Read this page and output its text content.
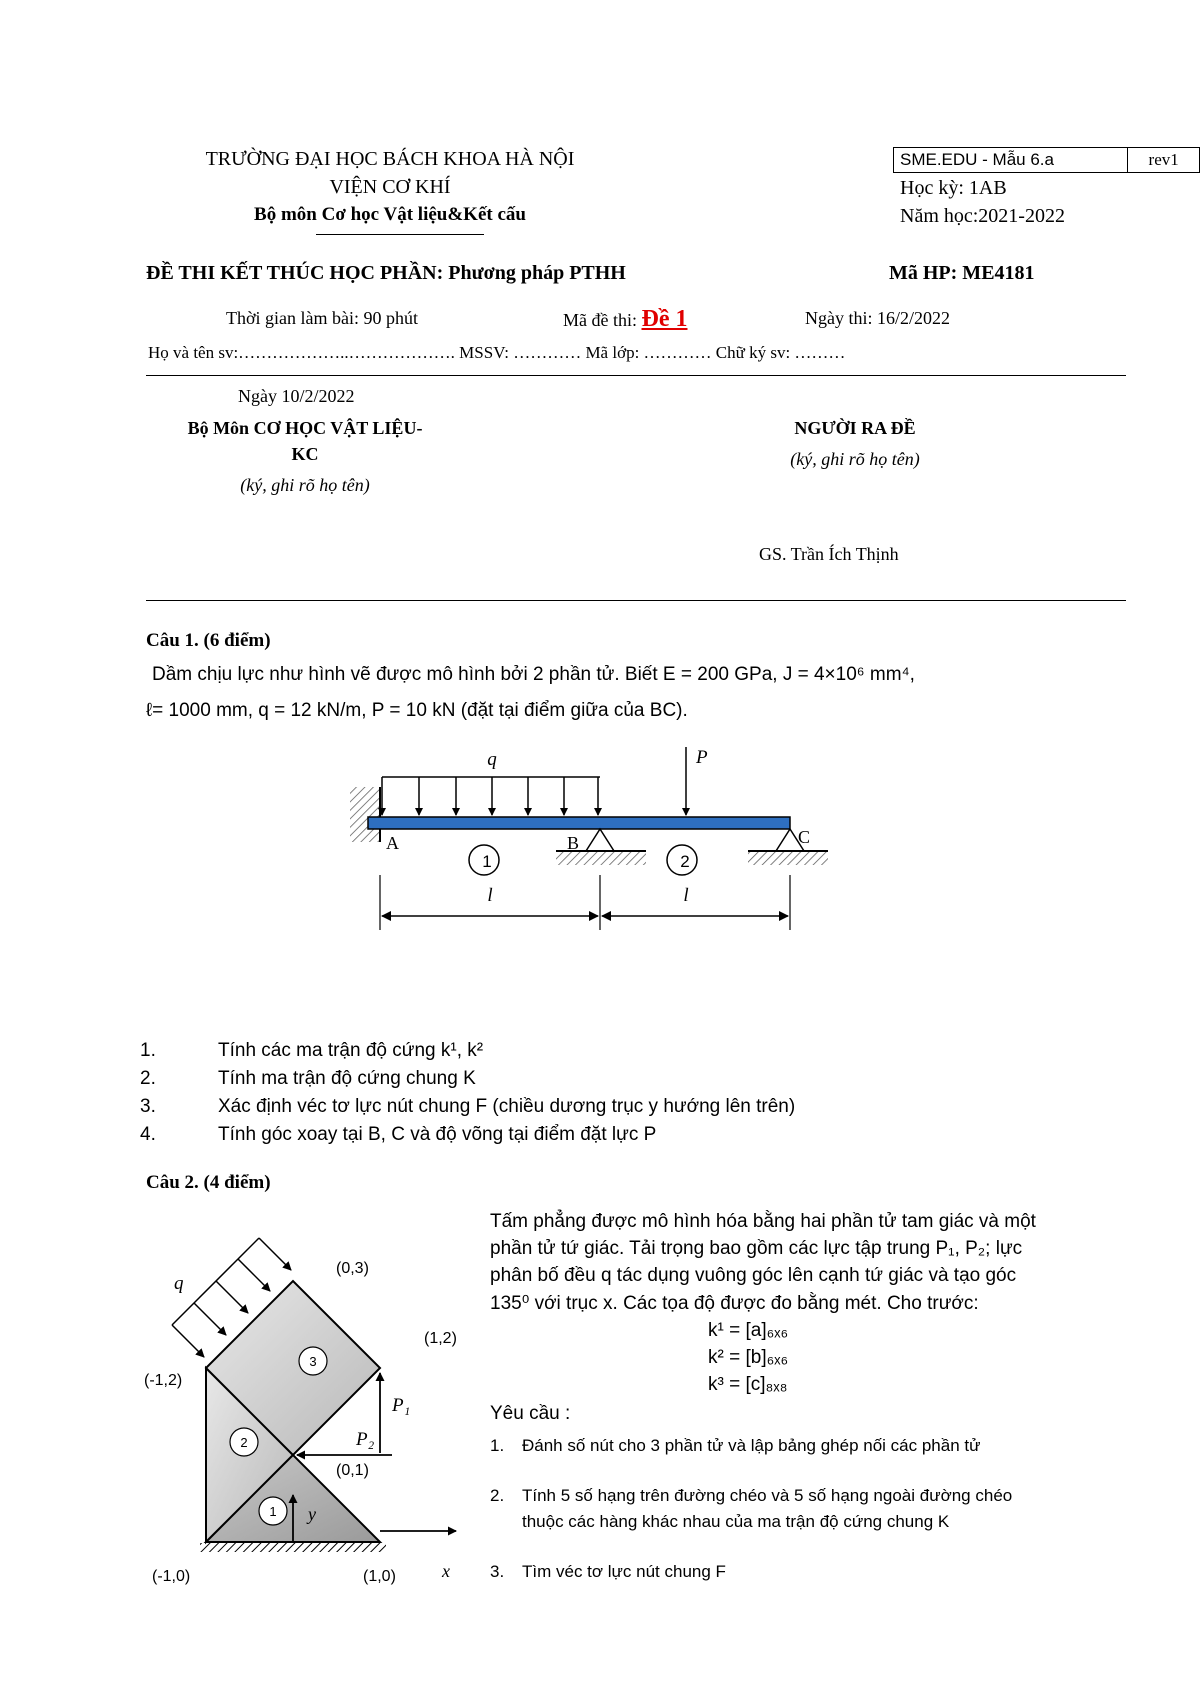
TRƯỜNG ĐẠI HỌC BÁCH KHOA HÀ NỘI
VIỆN CƠ KHÍ
Bộ môn Cơ học Vật liệu&Kết cấu
SME.EDU - Mẫu 6.a	rev1
Học kỳ: 1AB
Năm học:2021-2022
ĐỀ THI KẾT THÚC HỌC PHẦN: Phương pháp PTHH	Mã HP: ME4181
Thời gian làm bài: 90 phút	Mã đề thi: Đề 1	Ngày thi: 16/2/2022
Họ và tên sv:………………..………………. MSSV: ………… Mã lớp: ………… Chữ ký sv: ………
Ngày 10/2/2022
Bộ Môn CƠ HỌC VẬT LIỆU-
KC
(ký, ghi rõ họ tên)
NGƯỜI RA ĐỀ
(ký, ghi rõ họ tên)
GS. Trần Ích Thịnh
Câu 1. (6 điểm)
Dầm chịu lực như hình vẽ được mô hình bởi 2 phần tử. Biết E = 200 GPa, J = 4×10⁶ mm⁴,
ℓ= 1000 mm, q = 12 kN/m, P = 10 kN (đặt tại điểm giữa của BC).
q	P
A	B	C
1	2
l	l
1.	Tính các ma trận độ cứng k¹, k²
2.	Tính ma trận độ cứng chung K
3.	Xác định véc tơ lực nút chung F (chiều dương trục y hướng lên trên)
4.	Tính góc xoay tại B, C và độ võng tại điểm đặt lực P
Câu 2. (4 điểm)
q
P₁
P₂
y
x
3
2
1
(0,3)
(1,2)
(-1,2)
(0,1)
(-1,0)	(1,0)
Tấm phẳng được mô hình hóa bằng hai phần tử tam giác và một
phần tử tứ giác. Tải trọng bao gồm các lực tập trung P₁, P₂; lực
phân bố đều q tác dụng vuông góc lên cạnh tứ giác và tạo góc
135⁰ với trục x. Các tọa độ được đo bằng mét. Cho trước:
k¹ = [a]₆ₓ₆
k² = [b]₆ₓ₆
k³ = [c]₈ₓ₈
Yêu cầu :
1. Đánh số nút cho 3 phần tử và lập bảng ghép nối các phần tử
2. Tính 5 số hạng trên đường chéo và 5 số hạng ngoài đường chéo
thuộc các hàng khác nhau của ma trận độ cứng chung K
3. Tìm véc tơ lực nút chung F
